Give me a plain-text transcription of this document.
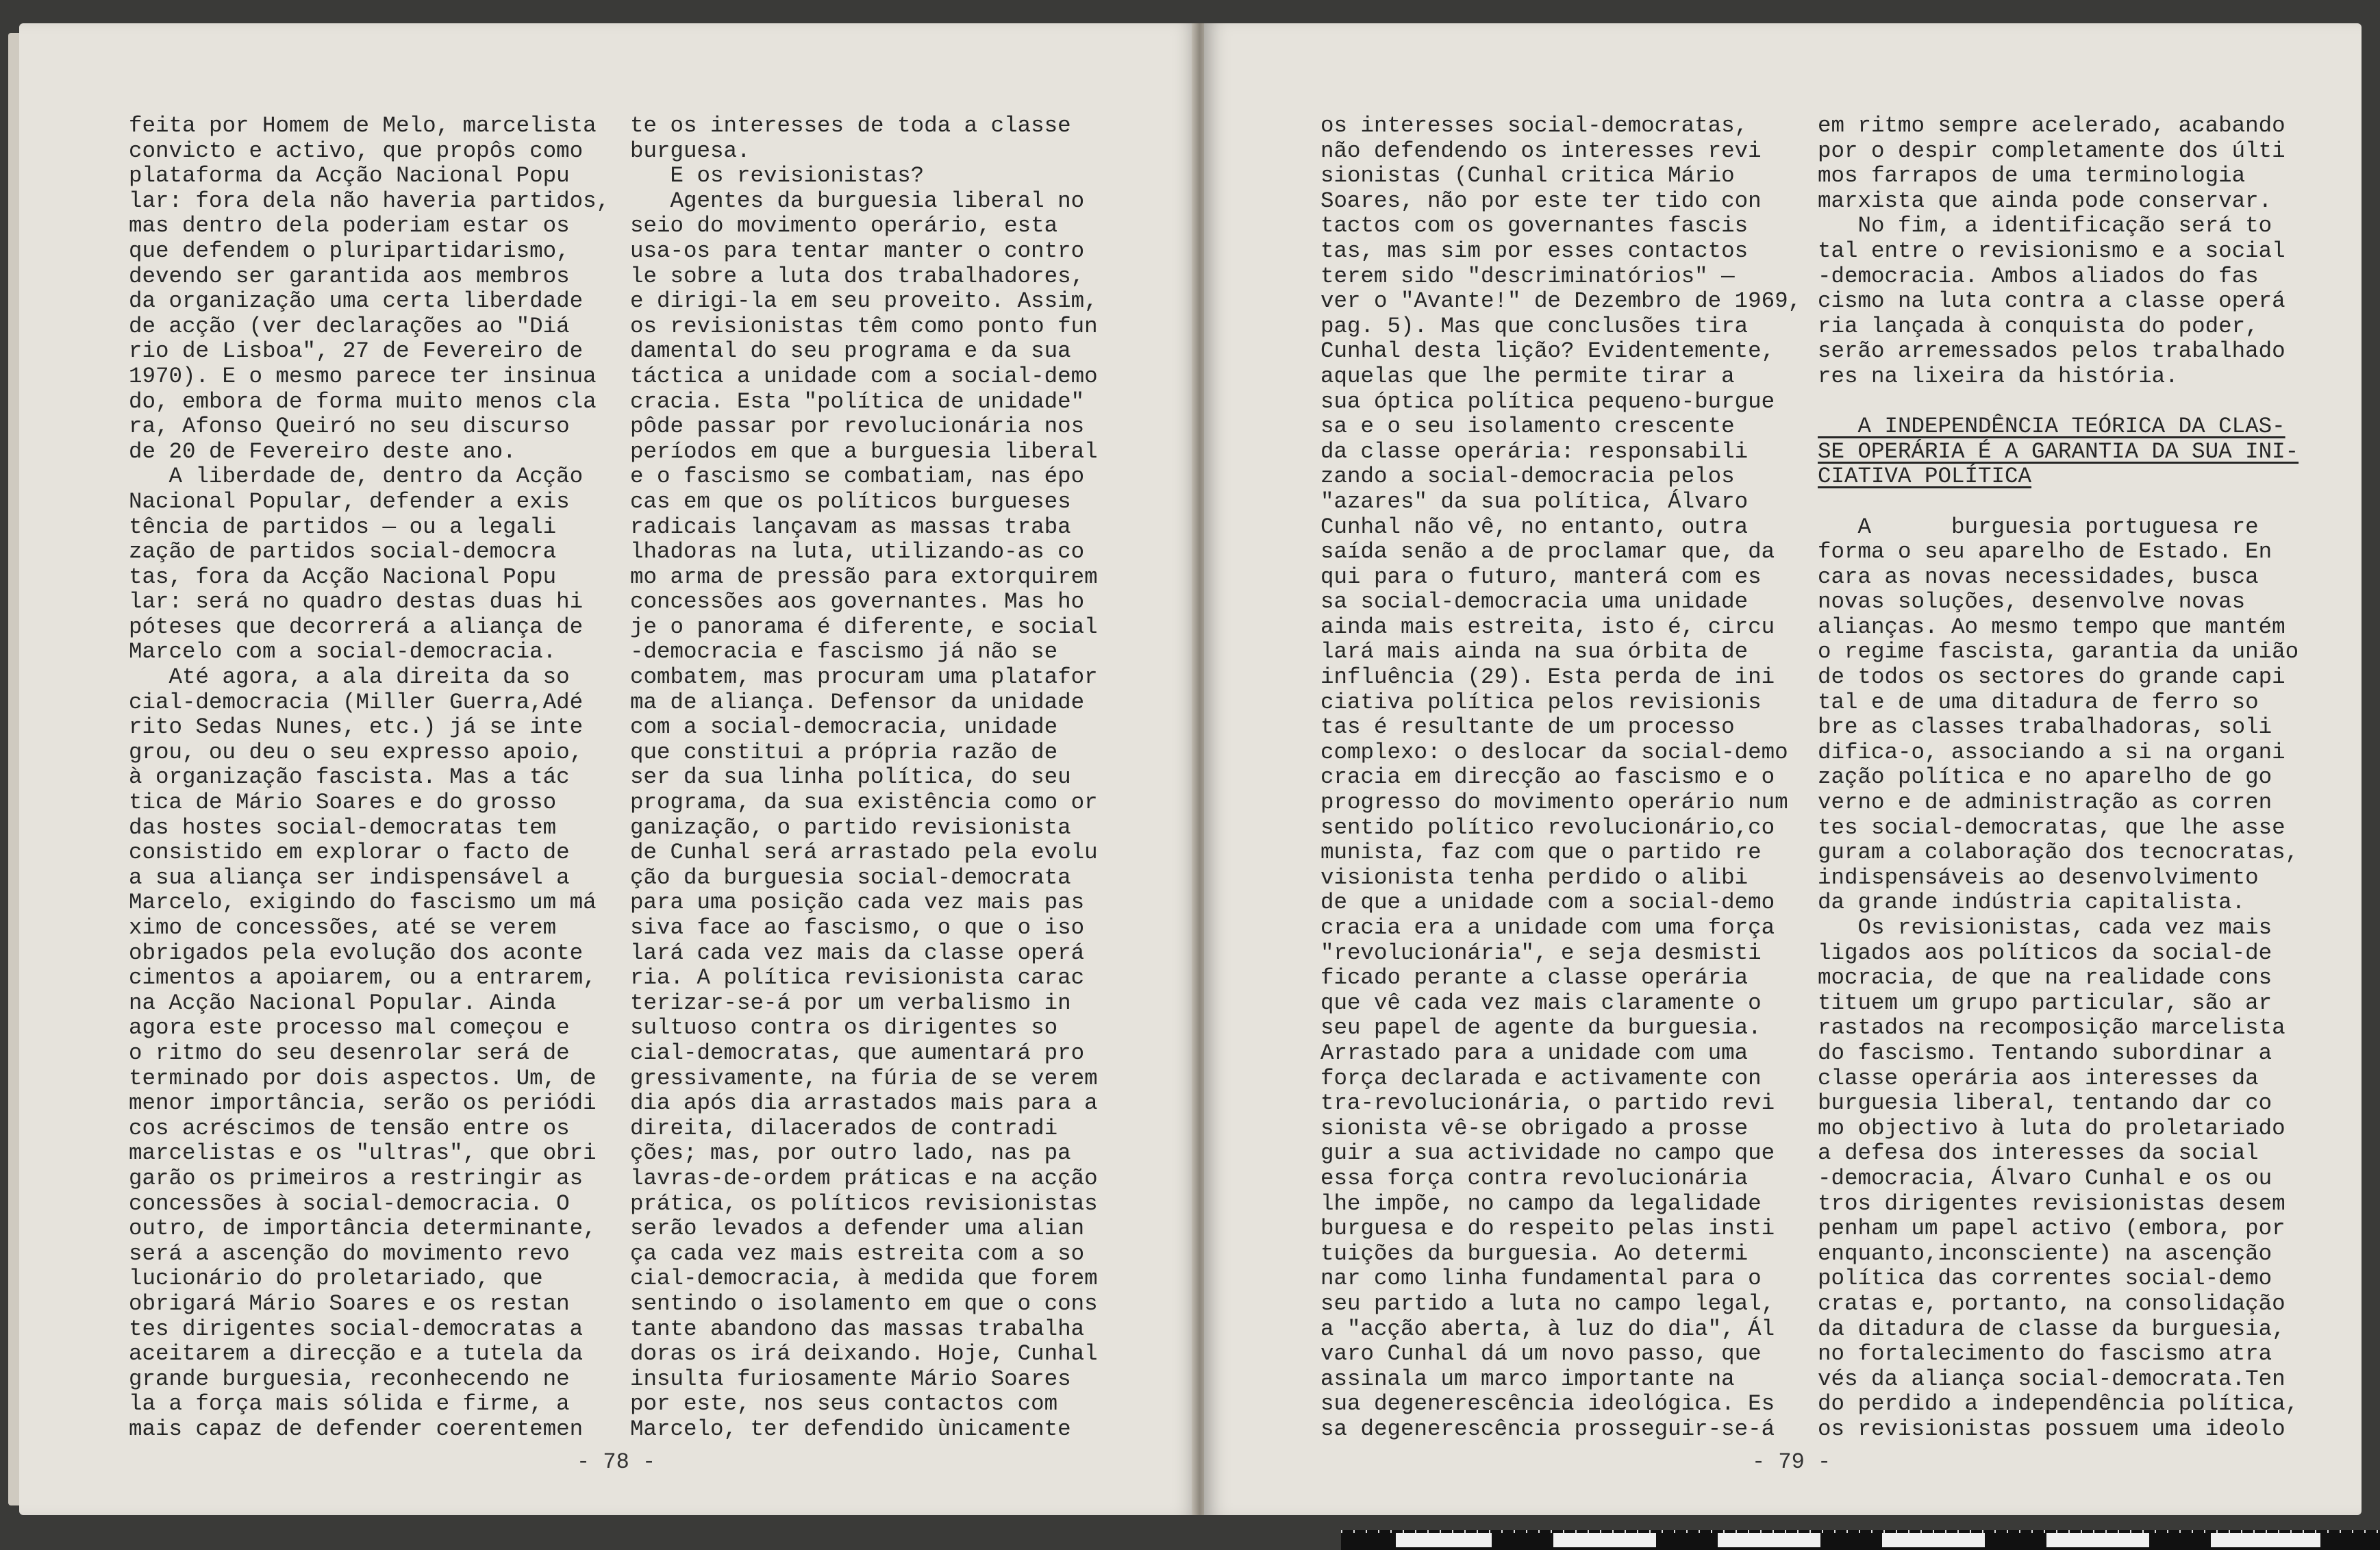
feita por Homem de Melo, marcelista

convicto e activo, que propôs como

plataforma da Acção Nacional Popu

lar: fora dela não haveria partidos,

mas dentro dela poderiam estar os

que defendem o pluripartidarismo,

devendo ser garantida aos membros

da organização uma certa liberdade

de acção (ver declarações ao "Diá

rio de Lisboa", 27 de Fevereiro de

1970). E o mesmo parece ter insinua

do, embora de forma muito menos cla

ra, Afonso Queiró no seu discurso

de 20 de Fevereiro deste ano.

A liberdade de, dentro da Acção

Nacional Popular, defender a exis

tência de partidos — ou a legali

zação de partidos social-democra

tas, fora da Acção Nacional Popu

lar: será no quadro destas duas hi

póteses que decorrerá a aliança de

Marcelo com a social-democracia.

Até agora, a ala direita da so

cial-democracia (Miller Guerra,Adé

rito Sedas Nunes, etc.) já se inte

grou, ou deu o seu expresso apoio,

à organização fascista. Mas a tác

tica de Mário Soares e do grosso

das hostes social-democratas tem

consistido em explorar o facto de

a sua aliança ser indispensável a

Marcelo, exigindo do fascismo um má

ximo de concessões, até se verem

obrigados pela evolução dos aconte

cimentos a apoiarem, ou a entrarem,

na Acção Nacional Popular. Ainda

agora este processo mal começou e

o ritmo do seu desenrolar será de

terminado por dois aspectos. Um, de

menor importância, serão os periódi

cos acréscimos de tensão entre os

marcelistas e os "ultras", que obri

garão os primeiros a restringir as

concessões à social-democracia. O

outro, de importância determinante,

será a ascenção do movimento revo

lucionário do proletariado, que

obrigará Mário Soares e os restan

tes dirigentes social-democratas a

aceitarem a direcção e a tutela da

grande burguesia, reconhecendo ne

la a força mais sólida e firme, a

mais capaz de defender coerentemen

te os interesses de toda a classe

burguesa.

E os revisionistas?

Agentes da burguesia liberal no

seio do movimento operário, esta

usa-os para tentar manter o contro

le sobre a luta dos trabalhadores,

e dirigi-la em seu proveito. Assim,

os revisionistas têm como ponto fun

damental do seu programa e da sua

táctica a unidade com a social-demo

cracia. Esta "política de unidade"

pôde passar por revolucionária nos

períodos em que a burguesia liberal

e o fascismo se combatiam, nas épo

cas em que os políticos burgueses

radicais lançavam as massas traba

lhadoras na luta, utilizando-as co

mo arma de pressão para extorquirem

concessões aos governantes. Mas ho

je o panorama é diferente, e social

-democracia e fascismo já não se

combatem, mas procuram uma platafor

ma de aliança. Defensor da unidade

com a social-democracia, unidade

que constitui a própria razão de

ser da sua linha política, do seu

programa, da sua existência como or

ganização, o partido revisionista

de Cunhal será arrastado pela evolu

ção da burguesia social-democrata

para uma posição cada vez mais pas

siva face ao fascismo, o que o iso

lará cada vez mais da classe operá

ria. A política revisionista carac

terizar-se-á por um verbalismo in

sultuoso contra os dirigentes so

cial-democratas, que aumentará pro

gressivamente, na fúria de se verem

dia após dia arrastados mais para a

direita, dilacerados de contradi

ções; mas, por outro lado, nas pa

lavras-de-ordem práticas e na acção

prática, os políticos revisionistas

serão levados a defender uma alian

ça cada vez mais estreita com a so

cial-democracia, à medida que forem

sentindo o isolamento em que o cons

tante abandono das massas trabalha

doras os irá deixando. Hoje, Cunhal

insulta furiosamente Mário Soares

por este, nos seus contactos com

Marcelo, ter defendido ùnicamente

- 78 -

os interesses social-democratas,

não defendendo os interesses revi

sionistas (Cunhal critica Mário

Soares, não por este ter tido con

tactos com os governantes fascis

tas, mas sim por esses contactos

terem sido "descriminatórios" —

ver o "Avante!" de Dezembro de 1969,

pag. 5). Mas que conclusões tira

Cunhal desta lição? Evidentemente,

aquelas que lhe permite tirar a

sua óptica política pequeno-burgue

sa e o seu isolamento crescente

da classe operária: responsabili

zando a social-democracia pelos

"azares" da sua política, Álvaro

Cunhal não vê, no entanto, outra

saída senão a de proclamar que, da

qui para o futuro, manterá com es

sa social-democracia uma unidade

ainda mais estreita, isto é, circu

lará mais ainda na sua órbita de

influência (29). Esta perda de ini

ciativa política pelos revisionis

tas é resultante de um processo

complexo: o deslocar da social-demo

cracia em direcção ao fascismo e o

progresso do movimento operário num

sentido político revolucionário,co

munista, faz com que o partido re

visionista tenha perdido o alibi

de que a unidade com a social-demo

cracia era a unidade com uma força

"revolucionária", e seja desmisti

ficado perante a classe operária

que vê cada vez mais claramente o

seu papel de agente da burguesia.

Arrastado para a unidade com uma

força declarada e activamente con

tra-revolucionária, o partido revi

sionista vê-se obrigado a prosse

guir a sua actividade no campo que

essa força contra revolucionária

lhe impõe, no campo da legalidade

burguesa e do respeito pelas insti

tuições da burguesia. Ao determi

nar como linha fundamental para o

seu partido a luta no campo legal,

a "acção aberta, à luz do dia", Ál

varo Cunhal dá um novo passo, que

assinala um marco importante na

sua degenerescência ideológica. Es

sa degenerescência prosseguir-se-á

em ritmo sempre acelerado, acabando

por o despir completamente dos últi

mos farrapos de uma terminologia

marxista que ainda pode conservar.

No fim, a identificação será to

tal entre o revisionismo e a social

-democracia. Ambos aliados do fas

cismo na luta contra a classe operá

ria lançada à conquista do poder,

serão arremessados pelos trabalhado

res na lixeira da história.

A INDEPENDÊNCIA TEÓRICA DA CLAS-

SE OPERÁRIA É A GARANTIA DA SUA INI-

CIATIVA POLÍTICA

A      burguesia portuguesa re

forma o seu aparelho de Estado. En

cara as novas necessidades, busca

novas soluções, desenvolve novas

alianças. Ao mesmo tempo que mantém

o regime fascista, garantia da união

de todos os sectores do grande capi

tal e de uma ditadura de ferro so

bre as classes trabalhadoras, soli

difica-o, associando a si na organi

zação política e no aparelho de go

verno e de administração as corren

tes social-democratas, que lhe asse

guram a colaboração dos tecnocratas,

indispensáveis ao desenvolvimento

da grande indústria capitalista.

Os revisionistas, cada vez mais

ligados aos políticos da social-de

mocracia, de que na realidade cons

tituem um grupo particular, são ar

rastados na recomposição marcelista

do fascismo. Tentando subordinar a

classe operária aos interesses da

burguesia liberal, tentando dar co

mo objectivo à luta do proletariado

a defesa dos interesses da social

-democracia, Álvaro Cunhal e os ou

tros dirigentes revisionistas desem

penham um papel activo (embora, por

enquanto,inconsciente) na ascenção

política das correntes social-demo

cratas e, portanto, na consolidação

da ditadura de classe da burguesia,

no fortalecimento do fascismo atra

vés da aliança social-democrata.Ten

do perdido a independência política,

os revisionistas possuem uma ideolo

- 79 -
